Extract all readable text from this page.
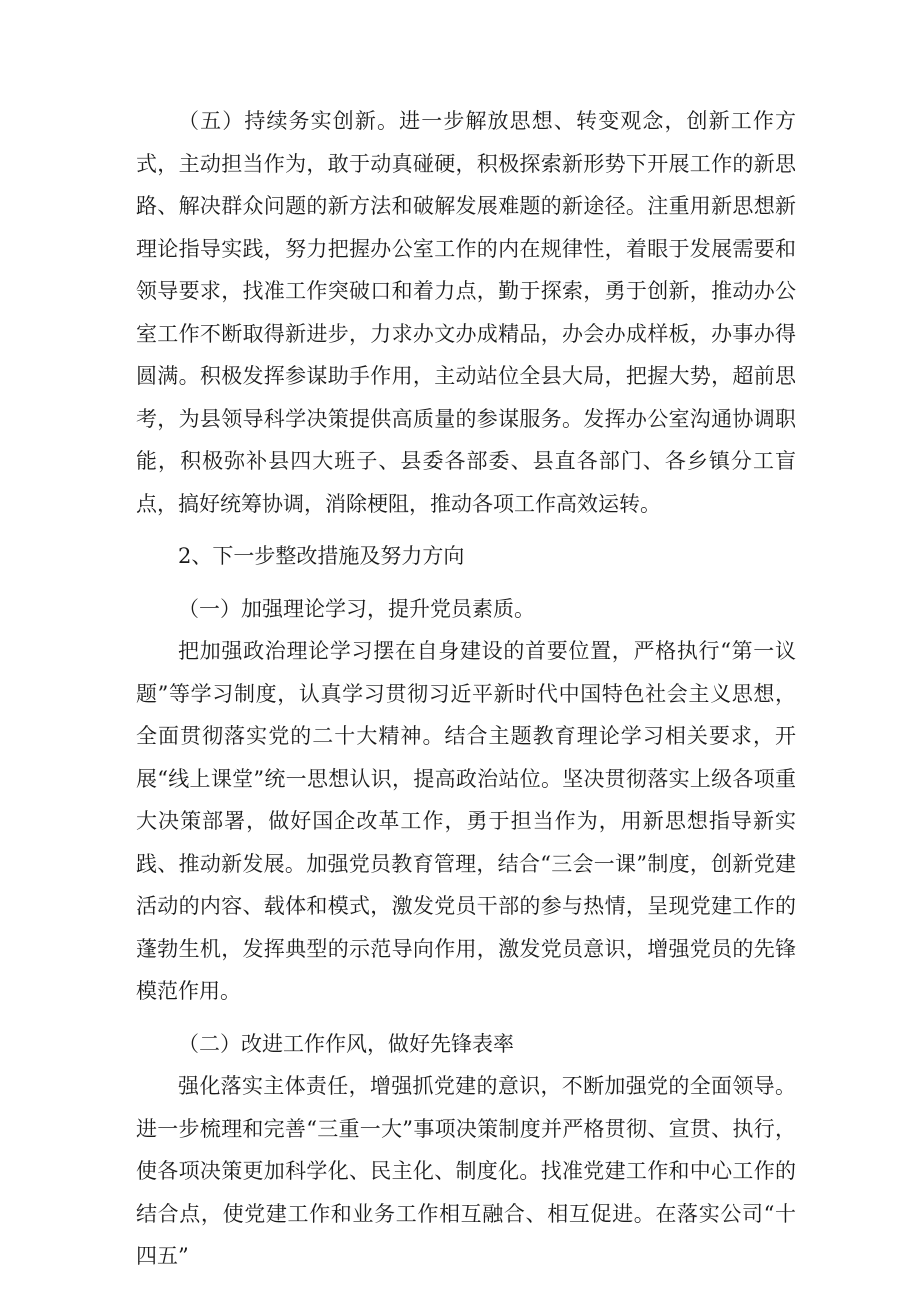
（五）持续务实创新。进一步解放思想、转变观念，创新工作方式，主动担当作为，敢于动真碰硬，积极探索新形势下开展工作的新思路、解决群众问题的新方法和破解发展难题的新途径。注重用新思想新理论指导实践，努力把握办公室工作的内在规律性，着眼于发展需要和领导要求，找准工作突破口和着力点，勤于探索，勇于创新，推动办公室工作不断取得新进步，力求办文办成精品，办会办成样板，办事办得圆满。积极发挥参谋助手作用，主动站位全县大局，把握大势，超前思考，为县领导科学决策提供高质量的参谋服务。发挥办公室沟通协调职能，积极弥补县四大班子、县委各部委、县直各部门、各乡镇分工盲点，搞好统筹协调，消除梗阻，推动各项工作高效运转。

2、下一步整改措施及努力方向

（一）加强理论学习，提升党员素质。

把加强政治理论学习摆在自身建设的首要位置，严格执行“第一议题”等学习制度，认真学习贯彻习近平新时代中国特色社会主义思想，全面贯彻落实党的二十大精神。结合主题教育理论学习相关要求，开展“线上课堂”统一思想认识，提高政治站位。坚决贯彻落实上级各项重大决策部署，做好国企改革工作，勇于担当作为，用新思想指导新实践、推动新发展。加强党员教育管理，结合“三会一课”制度，创新党建活动的内容、载体和模式，激发党员干部的参与热情，呈现党建工作的蓬勃生机，发挥典型的示范导向作用，激发党员意识，增强党员的先锋模范作用。

（二）改进工作作风，做好先锋表率

强化落实主体责任，增强抓党建的意识，不断加强党的全面领导。进一步梳理和完善“三重一大”事项决策制度并严格贯彻、宣贯、执行，使各项决策更加科学化、民主化、制度化。找准党建工作和中心工作的结合点，使党建工作和业务工作相互融合、相互促进。在落实公司“十四五”
